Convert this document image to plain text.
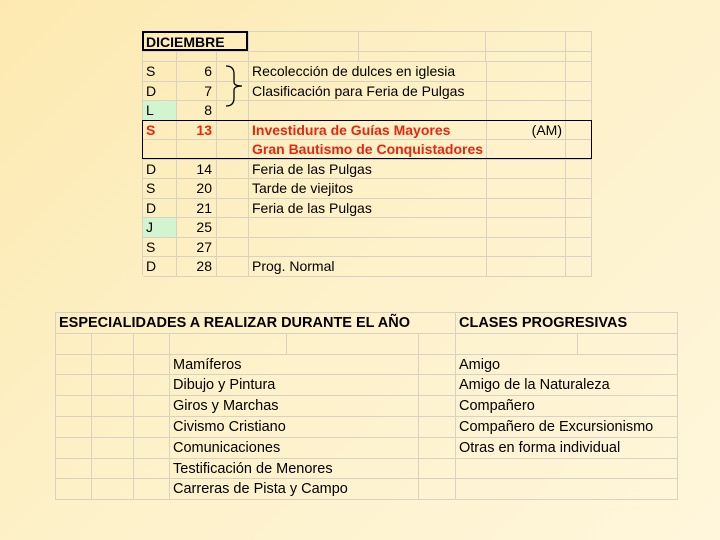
DICIEMBRE
S	6	Recolección de dulces en iglesia
D	7	Clasificación para Feria de Pulgas
L	8
S	13	Investidura de Guías Mayores	(AM)
Gran Bautismo de Conquistadores
D	14	Feria de las Pulgas
S	20	Tarde de viejitos
D	21	Feria de las Pulgas
J	25
S	27
D	28	Prog. Normal
ESPECIALIDADES A REALIZAR DURANTE EL AÑO	CLASES PROGRESIVAS
Mamíferos	Amigo
Dibujo y Pintura	Amigo de la Naturaleza
Giros y Marchas	Compañero
Civismo Cristiano	Compañero de Excursionismo
Comunicaciones	Otras en forma individual
Testificación de Menores
Carreras de Pista y Campo
